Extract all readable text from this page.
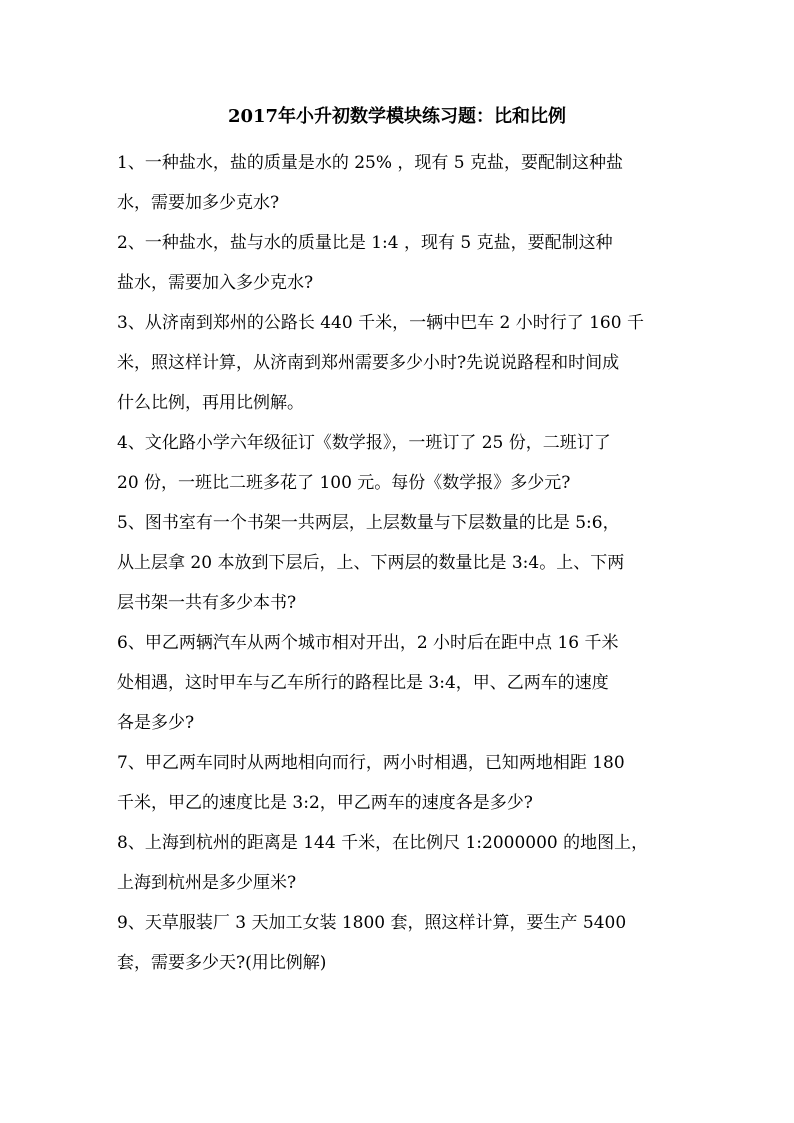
2017年小升初数学模块练习题：比和比例
1、一种盐水，盐的质量是水的 25% ，现有 5 克盐，要配制这种盐
水，需要加多少克水?
2、一种盐水，盐与水的质量比是 1:4 ，现有 5 克盐，要配制这种
盐水，需要加入多少克水?
3、从济南到郑州的公路长 440 千米，一辆中巴车 2 小时行了 160 千
米，照这样计算，从济南到郑州需要多少小时?先说说路程和时间成
什么比例，再用比例解。
4、文化路小学六年级征订《数学报》，一班订了 25 份，二班订了
20 份，一班比二班多花了 100 元。每份《数学报》多少元?
5、图书室有一个书架一共两层，上层数量与下层数量的比是 5:6，
从上层拿 20 本放到下层后，上、下两层的数量比是 3:4。上、下两
层书架一共有多少本书?
6、甲乙两辆汽车从两个城市相对开出，2 小时后在距中点 16 千米
处相遇，这时甲车与乙车所行的路程比是 3:4，甲、乙两车的速度
各是多少?
7、甲乙两车同时从两地相向而行，两小时相遇，已知两地相距 180
千米，甲乙的速度比是 3:2，甲乙两车的速度各是多少?
8、上海到杭州的距离是 144 千米，在比例尺 1:2000000 的地图上，
上海到杭州是多少厘米?
9、天草服装厂 3 天加工女装 1800 套，照这样计算，要生产 5400
套，需要多少天?(用比例解)
